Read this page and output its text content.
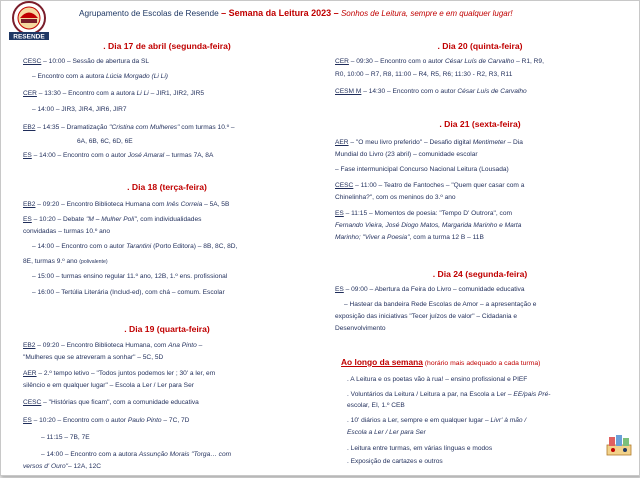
RESENDE
Agrupamento de Escolas de Resende – Semana da Leitura 2023 – Sonhos de Leitura, sempre e em qualquer lugar!

. Dia 17 de abril (segunda-feira)

CESC – 10:00 – Sessão de abertura da SL

– Encontro com a autora Lúcia Morgado (Li Li)

CER – 13:30 – Encontro com a autora Li Li – JIR1, JIR2, JIR5

– 14:00 – JIR3, JIR4, JIR6, JIR7

EB2 – 14:35 – Dramatização "Cristina com Mulheres" com turmas 10.º –

6A, 6B, 6C, 6D, 6E

ES – 14:00 – Encontro com o autor José Amaral – turmas 7A, 8A

. Dia 18 (terça-feira)

EB2 – 09:20 – Encontro Biblioteca Humana com Inês Correia – 5A, 5B

ES – 10:20 – Debate "M – Mulher Poli", com individualidades

convidadas – turmas 10.º ano

– 14:00 – Encontro com o autor Tarantini (Porto Editora) – 8B, 8C, 8D,

8E, turmas 9.º ano (polivalente)

– 15:00 – turmas ensino regular 11.º ano, 12B, 1.º ens. profissional

– 16:00 – Tertúlia Literária (Includ-ed), com chá – comum. Escolar

. Dia 19 (quarta-feira)

EB2 – 09:20 – Encontro Biblioteca Humana, com Ana Pinto –

"Mulheres que se atreveram a sonhar" – 5C, 5D

AER – 2.º tempo letivo – "Todos juntos podemos ler ; 30' a ler, em

silêncio e em qualquer lugar" – Escola a Ler / Ler para Ser

CESC – "Histórias que ficam", com a comunidade educativa

ES – 10:20 – Encontro com o autor Paulo Pinto – 7C, 7D

– 11:15 – 7B, 7E

– 14:00 – Encontro com a autora Assunção Morais "Torga… com

versos d' Ouro"– 12A, 12C

. Dia 20 (quinta-feira)

CER – 09:30 – Encontro com o autor César Luís de Carvalho – R1, R9,

R0, 10:00 – R7, R8, 11:00 – R4, R5, R6; 11:30 - R2, R3, R11

CESM M – 14:30 – Encontro com o autor César Luís de Carvalho

. Dia 21 (sexta-feira)

AER – "O meu livro preferido" – Desafio digital Mentimeter – Dia

Mundial do Livro (23 abril) – comunidade escolar

– Fase intermunicipal Concurso Nacional Leitura (Lousada)

CESC – 11:00 – Teatro de Fantoches – "Quem quer casar com a

Chinelinha?", com os meninos do 3.º ano

ES – 11:15 – Momentos de poesia: "Tempo D' Outrora", com

Fernando Vieira, José Diogo Matos, Margarida Marinho e Marta

Marinho; "Viver a Poesia", com a turma 12 B – 11B

. Dia 24 (segunda-feira)

ES – 09:00 – Abertura da Feira do Livro – comunidade educativa

– Hastear da bandeira Rede Escolas de Amor – a apresentação e

exposição das iniciativas "Tecer juízos de valor" – Cidadania e

Desenvolvimento

Ao longo da semana (horário mais adequado a cada turma)

. A Leitura e os poetas vão à rua! – ensino profissional e PIEF

. Voluntários da Leitura / Leitura a par, na Escola a Ler – EE/pais Pré-

escolar, EI, 1.º CEB

. 10' diários a Ler, sempre e em qualquer lugar – Livr' à mão /

Escola a Ler / Ler para Ser

. Leitura entre turmas, em várias línguas e modos

. Exposição de cartazes e outros
